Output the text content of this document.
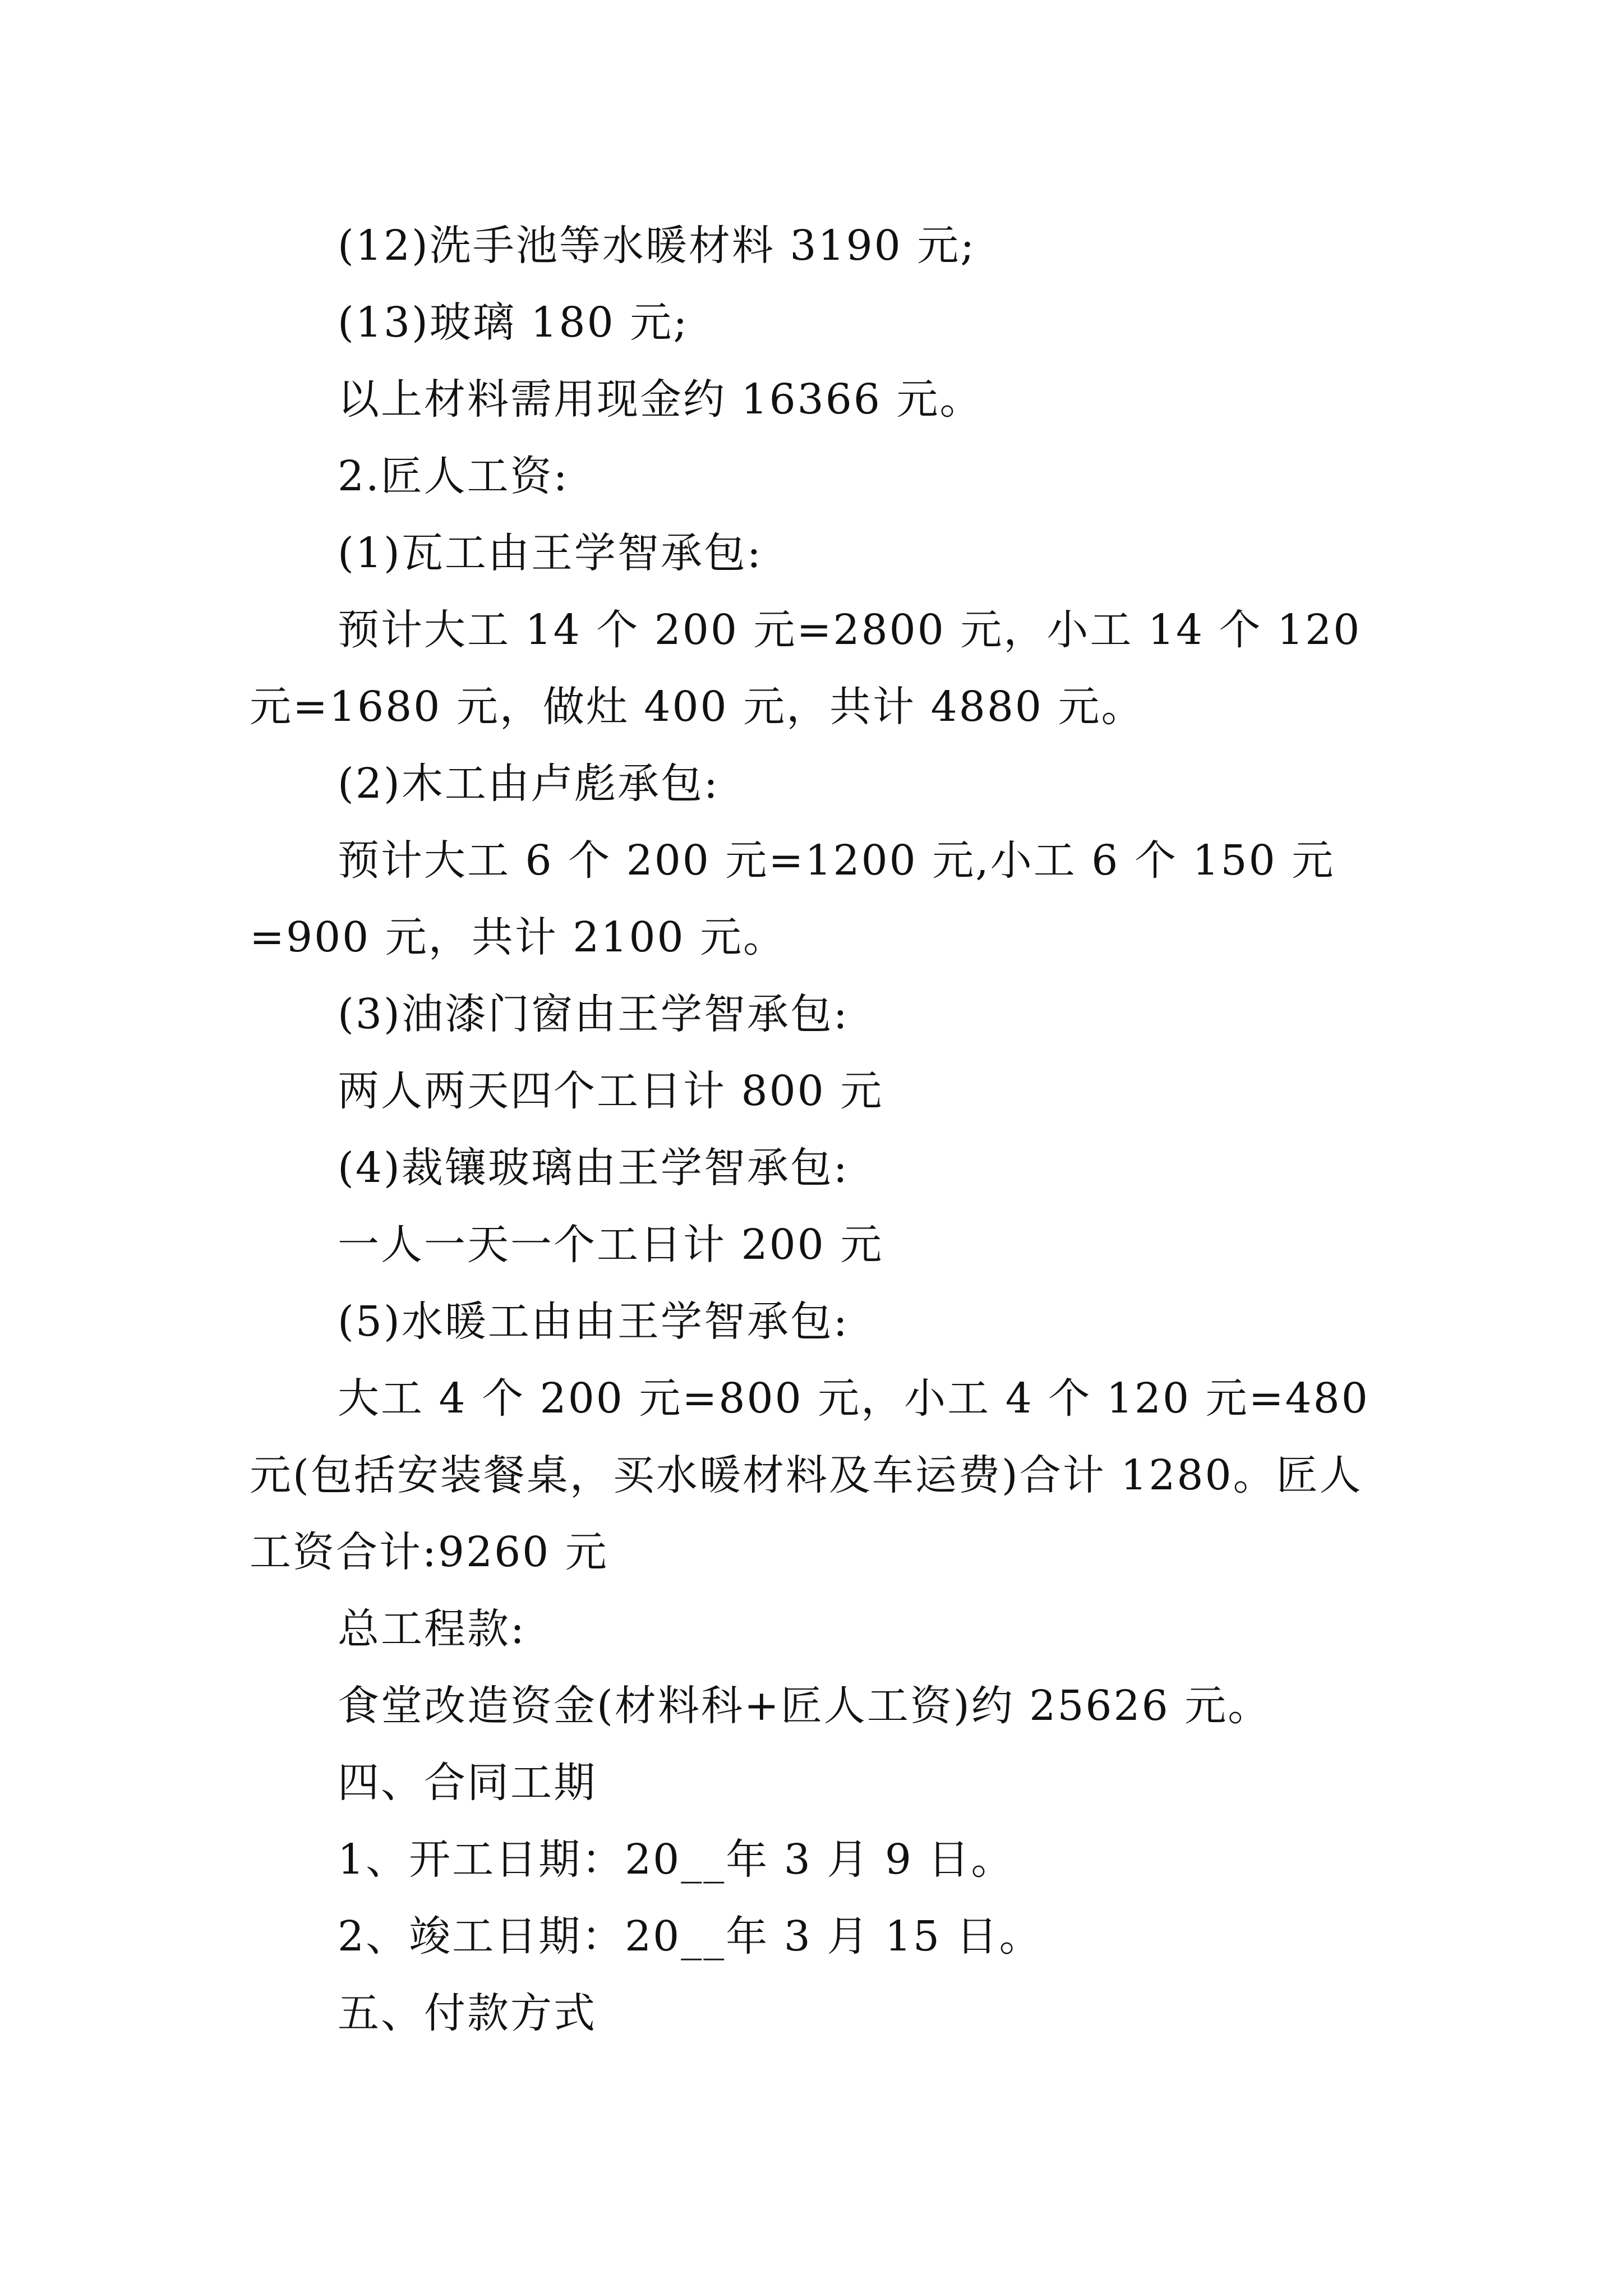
(12)洗手池等水暖材料 3190 元;

(13)玻璃 180 元;

以上材料需用现金约 16366 元。

2.匠人工资:

(1)瓦工由王学智承包:

预计大工 14 个 200 元=2800 元，小工 14 个 120 元=1680 元，做灶 400 元，共计 4880 元。

(2)木工由卢彪承包:

预计大工 6 个 200 元=1200 元,小工 6 个 150 元=900 元，共计 2100 元。

(3)油漆门窗由王学智承包:

两人两天四个工日计 800 元

(4)裁镶玻璃由王学智承包:

一人一天一个工日计 200 元

(5)水暖工由由王学智承包:

大工 4 个 200 元=800 元，小工 4 个 120 元=480 元(包括安装餐桌，买水暖材料及车运费)合计 1280。匠人工资合计:9260 元

总工程款:

食堂改造资金(材料科+匠人工资)约 25626 元。

四、合同工期

1、开工日期：20__年 3 月 9 日。

2、竣工日期：20__年 3 月 15 日。

五、付款方式
